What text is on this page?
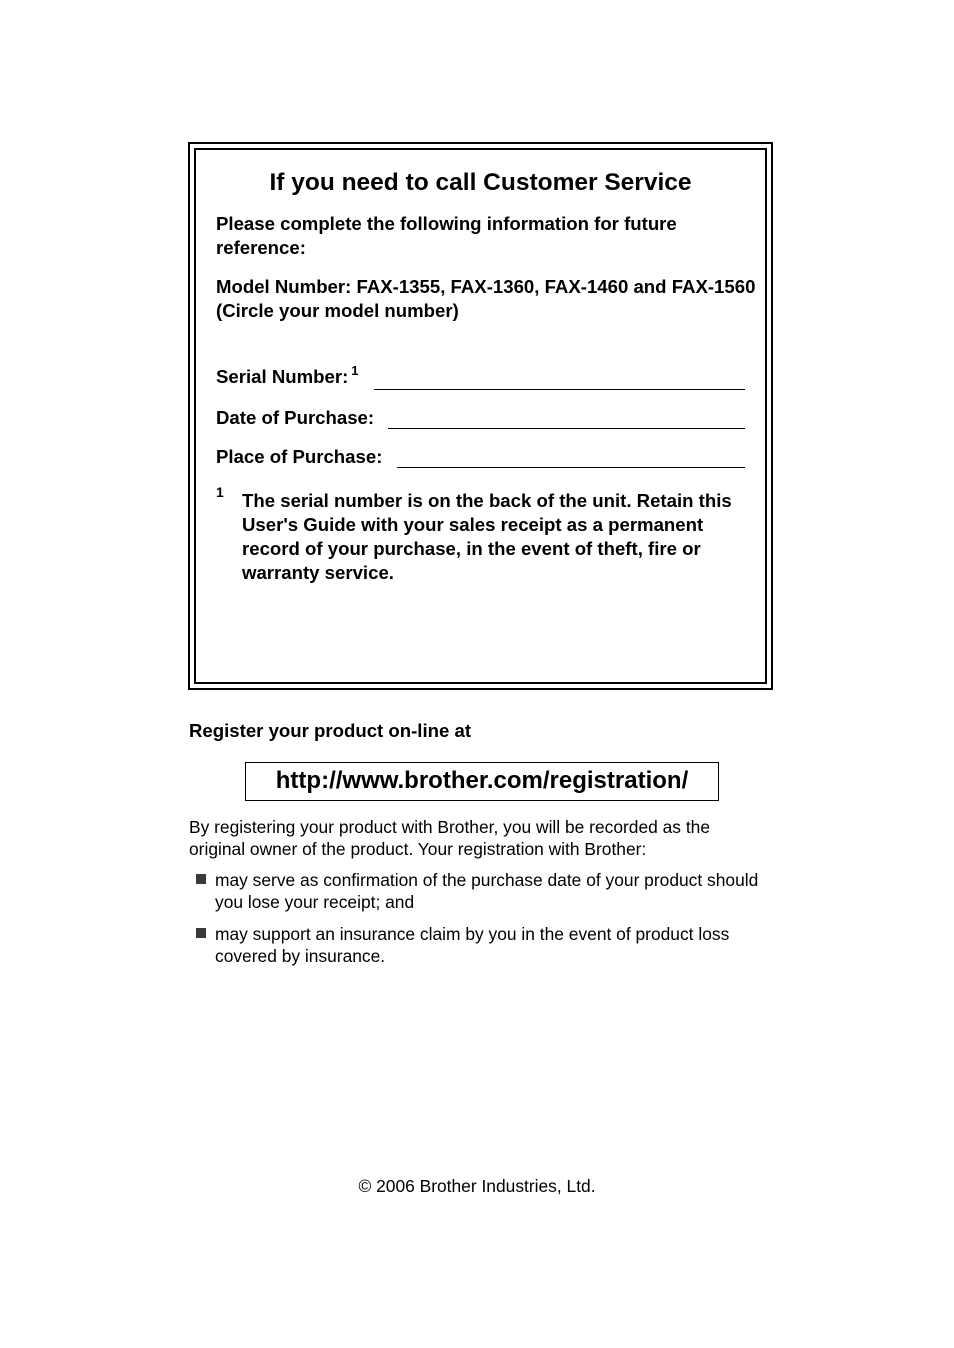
If you need to call Customer Service
Please complete the following information for future reference:
Model Number: FAX-1355, FAX-1360, FAX-1460 and FAX-1560
(Circle your model number)
Serial Number: $^1$
Date of Purchase:
Place of Purchase:
1 The serial number is on the back of the unit. Retain this User's Guide with your sales receipt as a permanent record of your purchase, in the event of theft, fire or warranty service.
Register your product on-line at
http://www.brother.com/registration/
By registering your product with Brother, you will be recorded as the original owner of the product. Your registration with Brother:
may serve as confirmation of the purchase date of your product should you lose your receipt; and
may support an insurance claim by you in the event of product loss covered by insurance.
© 2006 Brother Industries, Ltd.
